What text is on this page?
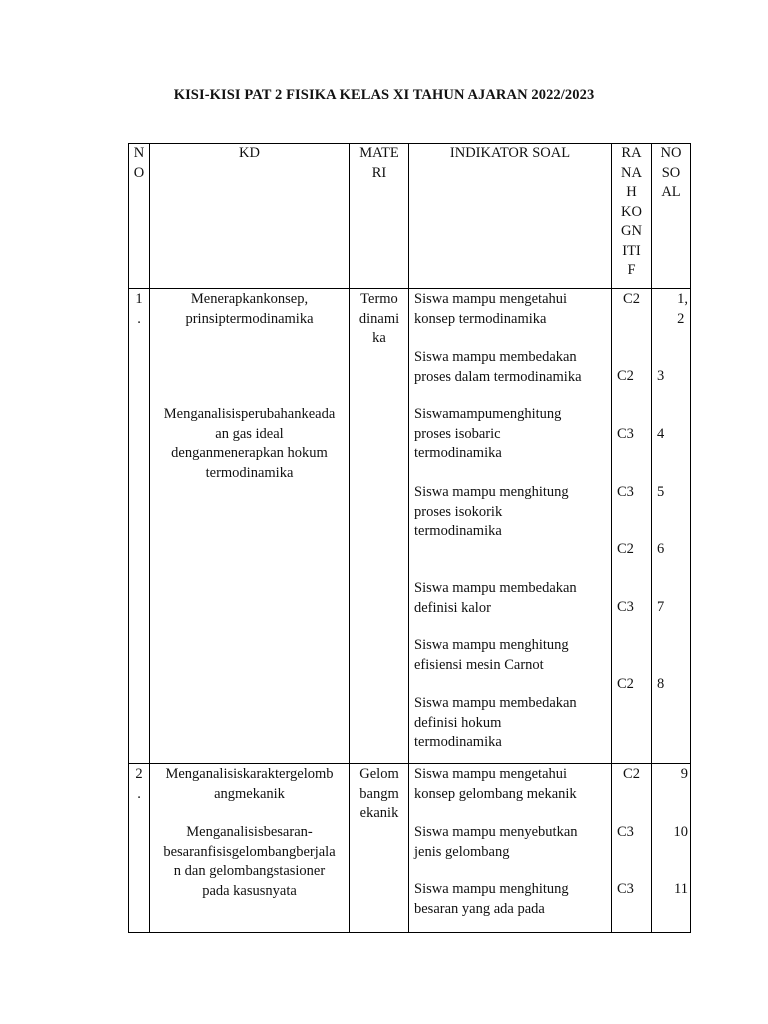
KISI-KISI PAT 2 FISIKA KELAS XI TAHUN AJARAN 2022/2023
N
O
KD	MATE
RI
INDIKATOR SOAL	RA
NA
H
KO
GN
ITI
F
NO
SO
AL
1
.
Menerapkankonsep,
prinsiptermodinamika
Menganalisisperubahankeada
an gas ideal
denganmenerapkan hokum
termodinamika
Termo
dinami
ka
Siswa mampu mengetahui
konsep termodinamika
Siswa mampu membedakan
proses dalam termodinamika
Siswamampumenghitung
proses isobaric
termodinamika
Siswa mampu menghitung
proses isokorik
termodinamika
Siswa mampu membedakan
definisi kalor
Siswa mampu menghitung
efisiensi mesin Carnot
Siswa mampu membedakan
definisi hokum
termodinamika
C2
C2
C3
C3
C2
C3
C2
1,
2
3
4
5
6
7
8
2
.
Menganalisiskaraktergelomb
angmekanik
Menganalisisbesaran-
besaranfisisgelombangberjala
n dan gelombangstasioner
pada kasusnyata
Gelom
bangm
ekanik
Siswa mampu mengetahui
konsep gelombang mekanik
Siswa mampu menyebutkan
jenis gelombang
Siswa mampu menghitung
besaran yang ada pada
C2
C3
C3
9
10
11
